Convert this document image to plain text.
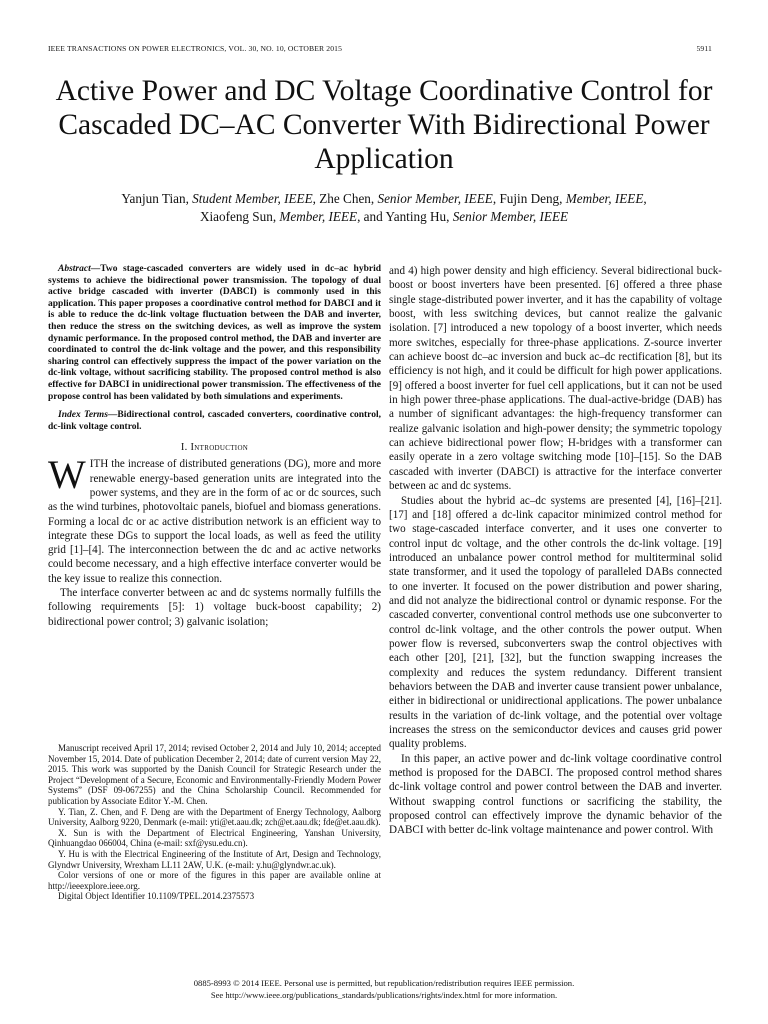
IEEE TRANSACTIONS ON POWER ELECTRONICS, VOL. 30, NO. 10, OCTOBER 2015	5911
Active Power and DC Voltage Coordinative Control for Cascaded DC–AC Converter With Bidirectional Power Application
Yanjun Tian, Student Member, IEEE, Zhe Chen, Senior Member, IEEE, Fujin Deng, Member, IEEE,
Xiaofeng Sun, Member, IEEE, and Yanting Hu, Senior Member, IEEE

Abstract—Two stage-cascaded converters are widely used in dc–ac hybrid systems to achieve the bidirectional power transmission. The topology of dual active bridge cascaded with inverter (DABCI) is commonly used in this application. This paper proposes a coordinative control method for DABCI and it is able to reduce the dc-link voltage fluctuation between the DAB and inverter, then reduce the stress on the switching devices, as well as improve the system dynamic performance. In the proposed control method, the DAB and inverter are coordinated to control the dc-link voltage and the power, and this responsibility sharing control can effectively suppress the impact of the power variation on the dc-link voltage, without sacrificing stability. The proposed control method is also effective for DABCI in unidirectional power transmission. The effectiveness of the propose control has been validated by both simulations and experiments.

Index Terms—Bidirectional control, cascaded converters, coordinative control, dc-link voltage control.

I. Introduction

WITH the increase of distributed generations (DG), more and more renewable energy-based generation units are integrated into the power systems, and they are in the form of ac or dc sources, such as the wind turbines, photovoltaic panels, biofuel and biomass generations. Forming a local dc or ac active distribution network is an efficient way to integrate these DGs to support the local loads, as well as feed the utility grid [1]–[4]. The interconnection between the dc and ac active networks could become necessary, and a high effective interface converter would be the key issue to realize this connection.

The interface converter between ac and dc systems normally fulfills the following requirements [5]: 1) voltage buck-boost capability; 2) bidirectional power control; 3) galvanic isolation;

Manuscript received April 17, 2014; revised October 2, 2014 and July 10, 2014; accepted November 15, 2014. Date of publication December 2, 2014; date of current version May 22, 2015. This work was supported by the Danish Council for Strategic Research under the Project “Development of a Secure, Economic and Environmentally-Friendly Modern Power Systems” (DSF 09-067255) and the China Scholarship Council. Recommended for publication by Associate Editor Y.-M. Chen.

Y. Tian, Z. Chen, and F. Deng are with the Department of Energy Technology, Aalborg University, Aalborg 9220, Denmark (e-mail: yti@et.aau.dk; zch@et.aau.dk; fde@et.aau.dk).

X. Sun is with the Department of Electrical Engineering, Yanshan University, Qinhuangdao 066004, China (e-mail: sxf@ysu.edu.cn).

Y. Hu is with the Electrical Engineering of the Institute of Art, Design and Technology, Glyndwr University, Wrexham LL11 2AW, U.K. (e-mail: y.hu@glyndwr.ac.uk).

Color versions of one or more of the figures in this paper are available online at http://ieeexplore.ieee.org.

Digital Object Identifier 10.1109/TPEL.2014.2375573

and 4) high power density and high efficiency. Several bidirectional buck-boost or boost inverters have been presented. [6] offered a three phase single stage-distributed power inverter, and it has the capability of voltage boost, with less switching devices, but cannot realize the galvanic isolation. [7] introduced a new topology of a boost inverter, which needs more switches, especially for three-phase applications. Z-source inverter can achieve boost dc–ac inversion and buck ac–dc rectification [8], but its efficiency is not high, and it could be difficult for high power applications. [9] offered a boost inverter for fuel cell applications, but it can not be used in high power three-phase applications. The dual-active-bridge (DAB) has a number of significant advantages: the high-frequency transformer can realize galvanic isolation and high-power density; the symmetric topology can achieve bidirectional power flow; H-bridges with a transformer can easily operate in a zero voltage switching mode [10]–[15]. So the DAB cascaded with inverter (DABCI) is attractive for the interface converter between ac and dc systems.

Studies about the hybrid ac–dc systems are presented [4], [16]–[21]. [17] and [18] offered a dc-link capacitor minimized control method for two stage-cascaded interface converter, and it uses one converter to control input dc voltage, and the other controls the dc-link voltage. [19] introduced an unbalance power control method for multiterminal solid state transformer, and it used the topology of paralleled DABs connected to one inverter. It focused on the power distribution and power sharing, and did not analyze the bidirectional control or dynamic response. For the cascaded converter, conventional control methods use one subconverter to control dc-link voltage, and the other controls the power output. When power flow is reversed, subconverters swap the control objectives with each other [20], [21], [32], but the function swapping increases the complexity and reduces the system redundancy. Different transient behaviors between the DAB and inverter cause transient power unbalance, either in bidirectional or unidirectional applications. The power unbalance results in the variation of dc-link voltage, and the potential over voltage increases the stress on the semiconductor devices and causes grid power quality problems.

In this paper, an active power and dc-link voltage coordinative control method is proposed for the DABCI. The proposed control method shares dc-link voltage control and power control between the DAB and inverter. Without swapping control functions or sacrificing the stability, the proposed control can effectively improve the dynamic behavior of the DABCI with better dc-link voltage maintenance and power control. With

0885-8993 © 2014 IEEE. Personal use is permitted, but republication/redistribution requires IEEE permission.
See http://www.ieee.org/publications_standards/publications/rights/index.html for more information.
